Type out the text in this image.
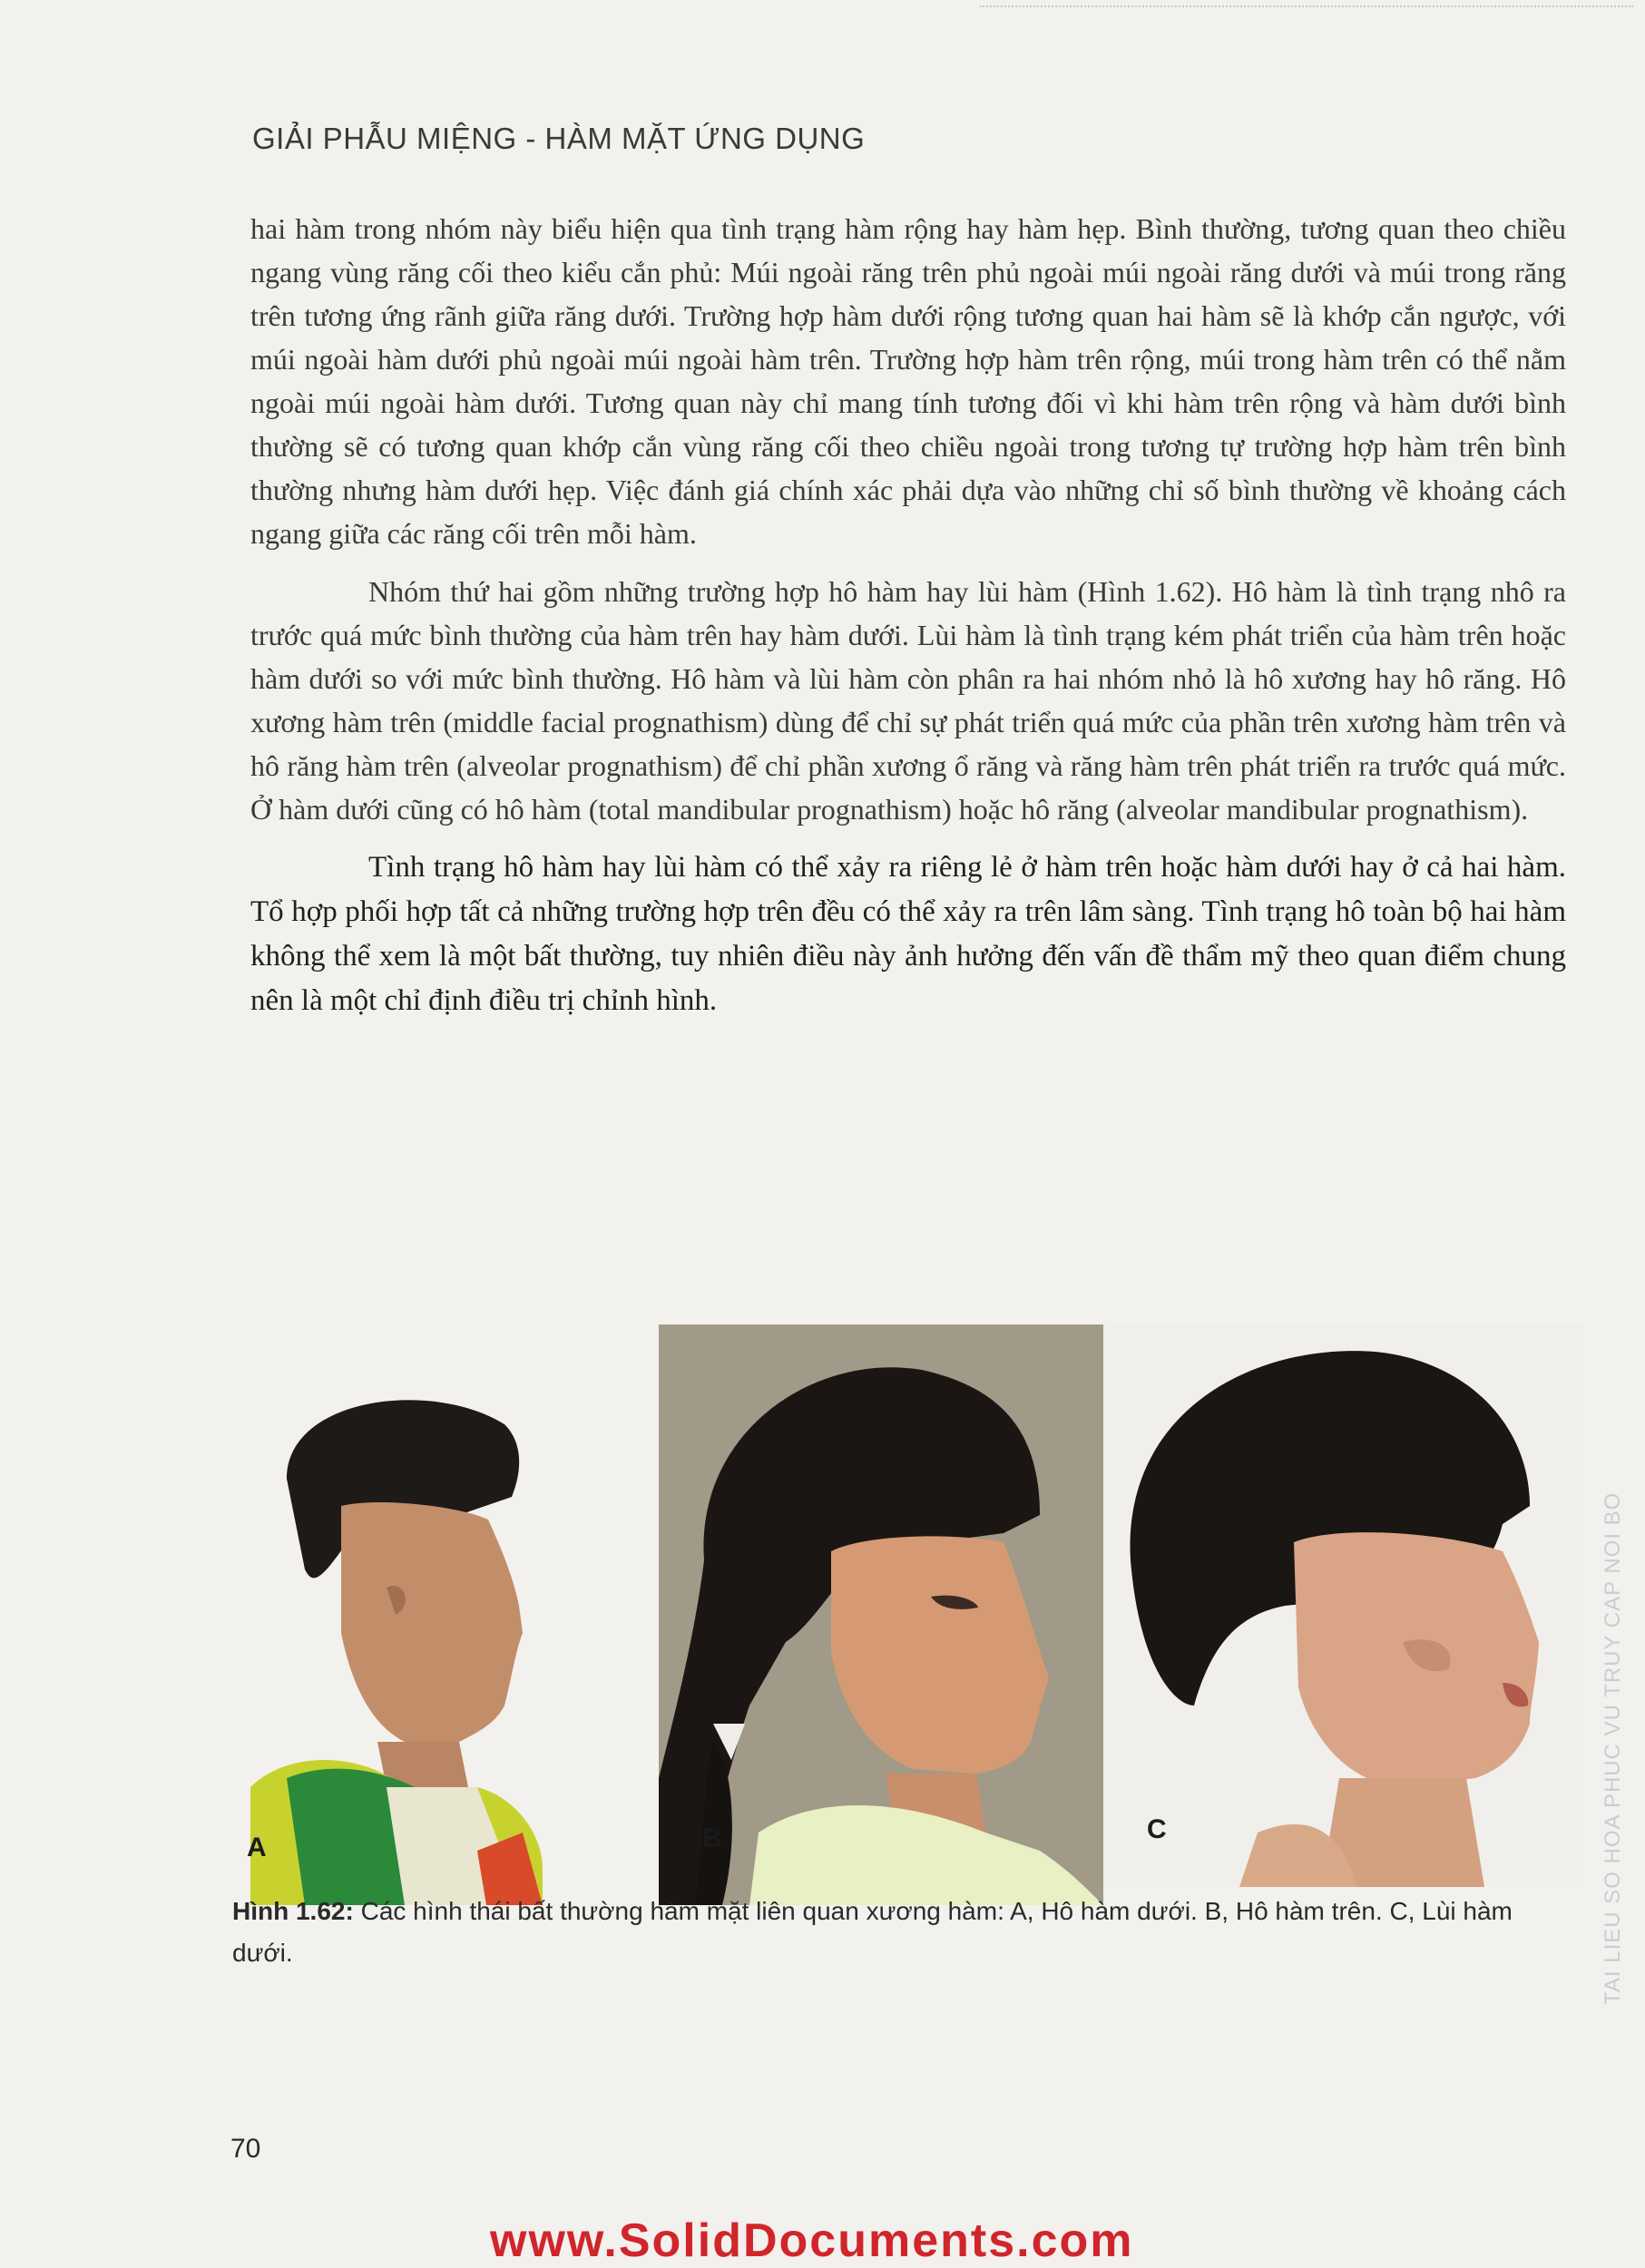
GIẢI PHẪU MIỆNG - HÀM MẶT ỨNG DỤNG

hai hàm trong nhóm này biểu hiện qua tình trạng hàm rộng hay hàm hẹp. Bình thường, tương quan theo chiều ngang vùng răng cối theo kiểu cắn phủ: Múi ngoài răng trên phủ ngoài múi ngoài răng dưới và múi trong răng trên tương ứng rãnh giữa răng dưới. Trường hợp hàm dưới rộng tương quan hai hàm sẽ là khớp cắn ngược, với múi ngoài hàm dưới phủ ngoài múi ngoài hàm trên. Trường hợp hàm trên rộng, múi trong hàm trên có thể nằm ngoài múi ngoài hàm dưới. Tương quan này chỉ mang tính tương đối vì khi hàm trên rộng và hàm dưới bình thường sẽ có tương quan khớp cắn vùng răng cối theo chiều ngoài trong tương tự trường hợp hàm trên bình thường nhưng hàm dưới hẹp. Việc đánh giá chính xác phải dựa vào những chỉ số bình thường về khoảng cách ngang giữa các răng cối trên mỗi hàm.

Nhóm thứ hai gồm những trường hợp hô hàm hay lùi hàm (Hình 1.62). Hô hàm là tình trạng nhô ra trước quá mức bình thường của hàm trên hay hàm dưới. Lùi hàm là tình trạng kém phát triển của hàm trên hoặc hàm dưới so với mức bình thường. Hô hàm và lùi hàm còn phân ra hai nhóm nhỏ là hô xương hay hô răng. Hô xương hàm trên (middle facial prognathism) dùng để chỉ sự phát triển quá mức của phần trên xương hàm trên và hô răng hàm trên (alveolar prognathism) để chỉ phần xương ổ răng và răng hàm trên phát triển ra trước quá mức. Ở hàm dưới cũng có hô hàm (total mandibular prognathism) hoặc hô răng (alveolar mandibular prognathism).

Tình trạng hô hàm hay lùi hàm có thể xảy ra riêng lẻ ở hàm trên hoặc hàm dưới hay ở cả hai hàm. Tổ hợp phối hợp tất cả những trường hợp trên đều có thể xảy ra trên lâm sàng. Tình trạng hô toàn bộ hai hàm không thể xem là một bất thường, tuy nhiên điều này ảnh hưởng đến vấn đề thẩm mỹ theo quan điểm chung nên là một chỉ định điều trị chỉnh hình.

TAI LIEU SO HOA PHUC VU TRUY CAP NOI BO
A	B	C
Hình 1.62: Các hình thái bất thường hàm mặt liên quan xương hàm: A, Hô hàm dưới. B, Hô hàm trên. C, Lùi hàm dưới.
70
www.SolidDocuments.com
